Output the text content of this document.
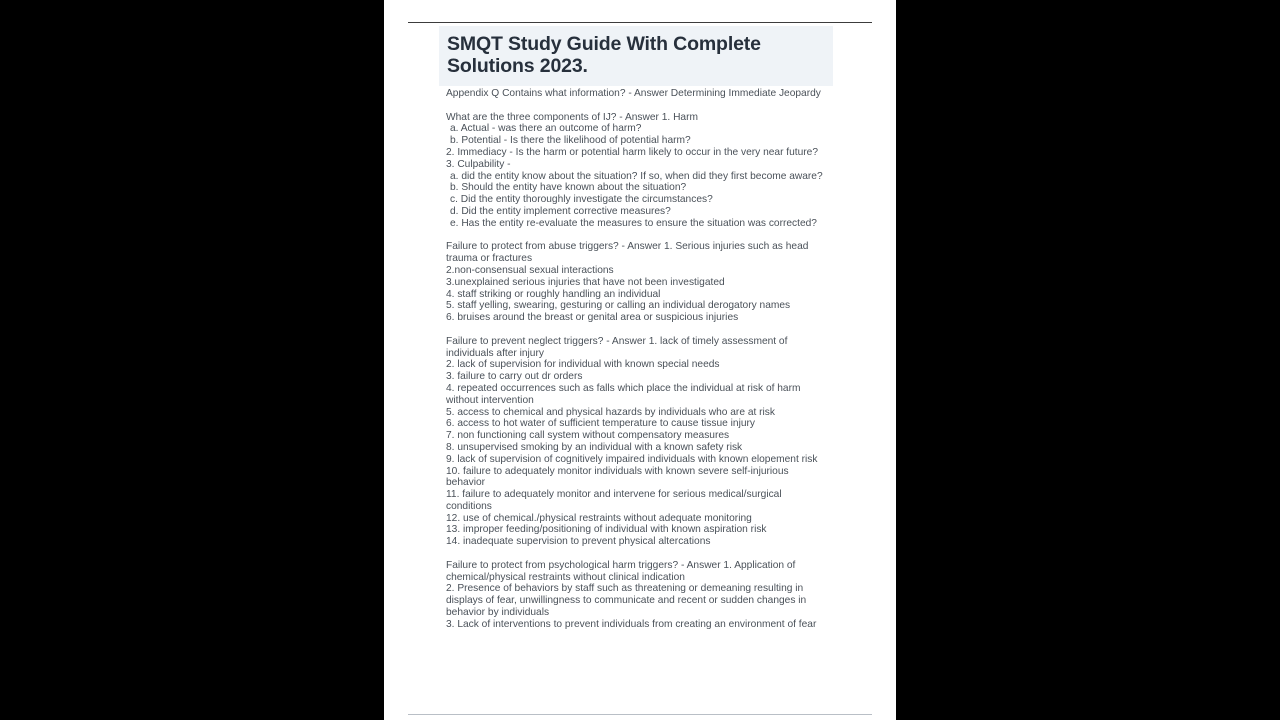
SMQT Study Guide With Complete Solutions 2023.

Appendix Q Contains what information? - Answer Determining Immediate Jeopardy

What are the three components of IJ? - Answer 1. Harm

a. Actual - was there an outcome of harm?

b. Potential - Is there the likelihood of potential harm?

2. Immediacy - Is the harm or potential harm likely to occur in the very near future?

3. Culpability -

a. did the entity know about the situation? If so, when did they first become aware?

b. Should the entity have known about the situation?

c. Did the entity thoroughly investigate the circumstances?

d. Did the entity implement corrective measures?

e. Has the entity re-evaluate the measures to ensure the situation was corrected?

Failure to protect from abuse triggers? - Answer 1. Serious injuries such as head trauma or fractures

2.non-consensual sexual interactions

3.unexplained serious injuries that have not been investigated

4. staff striking or roughly handling an individual

5. staff yelling, swearing, gesturing or calling an individual derogatory names

6. bruises around the breast or genital area or suspicious injuries

Failure to prevent neglect triggers? - Answer 1. lack of timely assessment of individuals after injury

2. lack of supervision for individual with known special needs

3. failure to carry out dr orders

4. repeated occurrences such as falls which place the individual at risk of harm without intervention

5. access to chemical and physical hazards by individuals who are at risk

6. access to hot water of sufficient temperature to cause tissue injury

7. non functioning call system without compensatory measures

8. unsupervised smoking by an individual with a known safety risk

9. lack of supervision of cognitively impaired individuals with known elopement risk

10. failure to adequately monitor individuals with known severe self-injurious behavior

11. failure to adequately monitor and intervene for serious medical/surgical conditions

12. use of chemical./physical restraints without adequate monitoring

13. improper feeding/positioning of individual with known aspiration risk

14. inadequate supervision to prevent physical altercations

Failure to protect from psychological harm triggers? - Answer 1. Application of chemical/physical restraints without clinical indication

2. Presence of behaviors by staff such as threatening or demeaning resulting in displays of fear, unwillingness to communicate and recent or sudden changes in behavior by individuals

3. Lack of interventions to prevent individuals from creating an environment of fear
